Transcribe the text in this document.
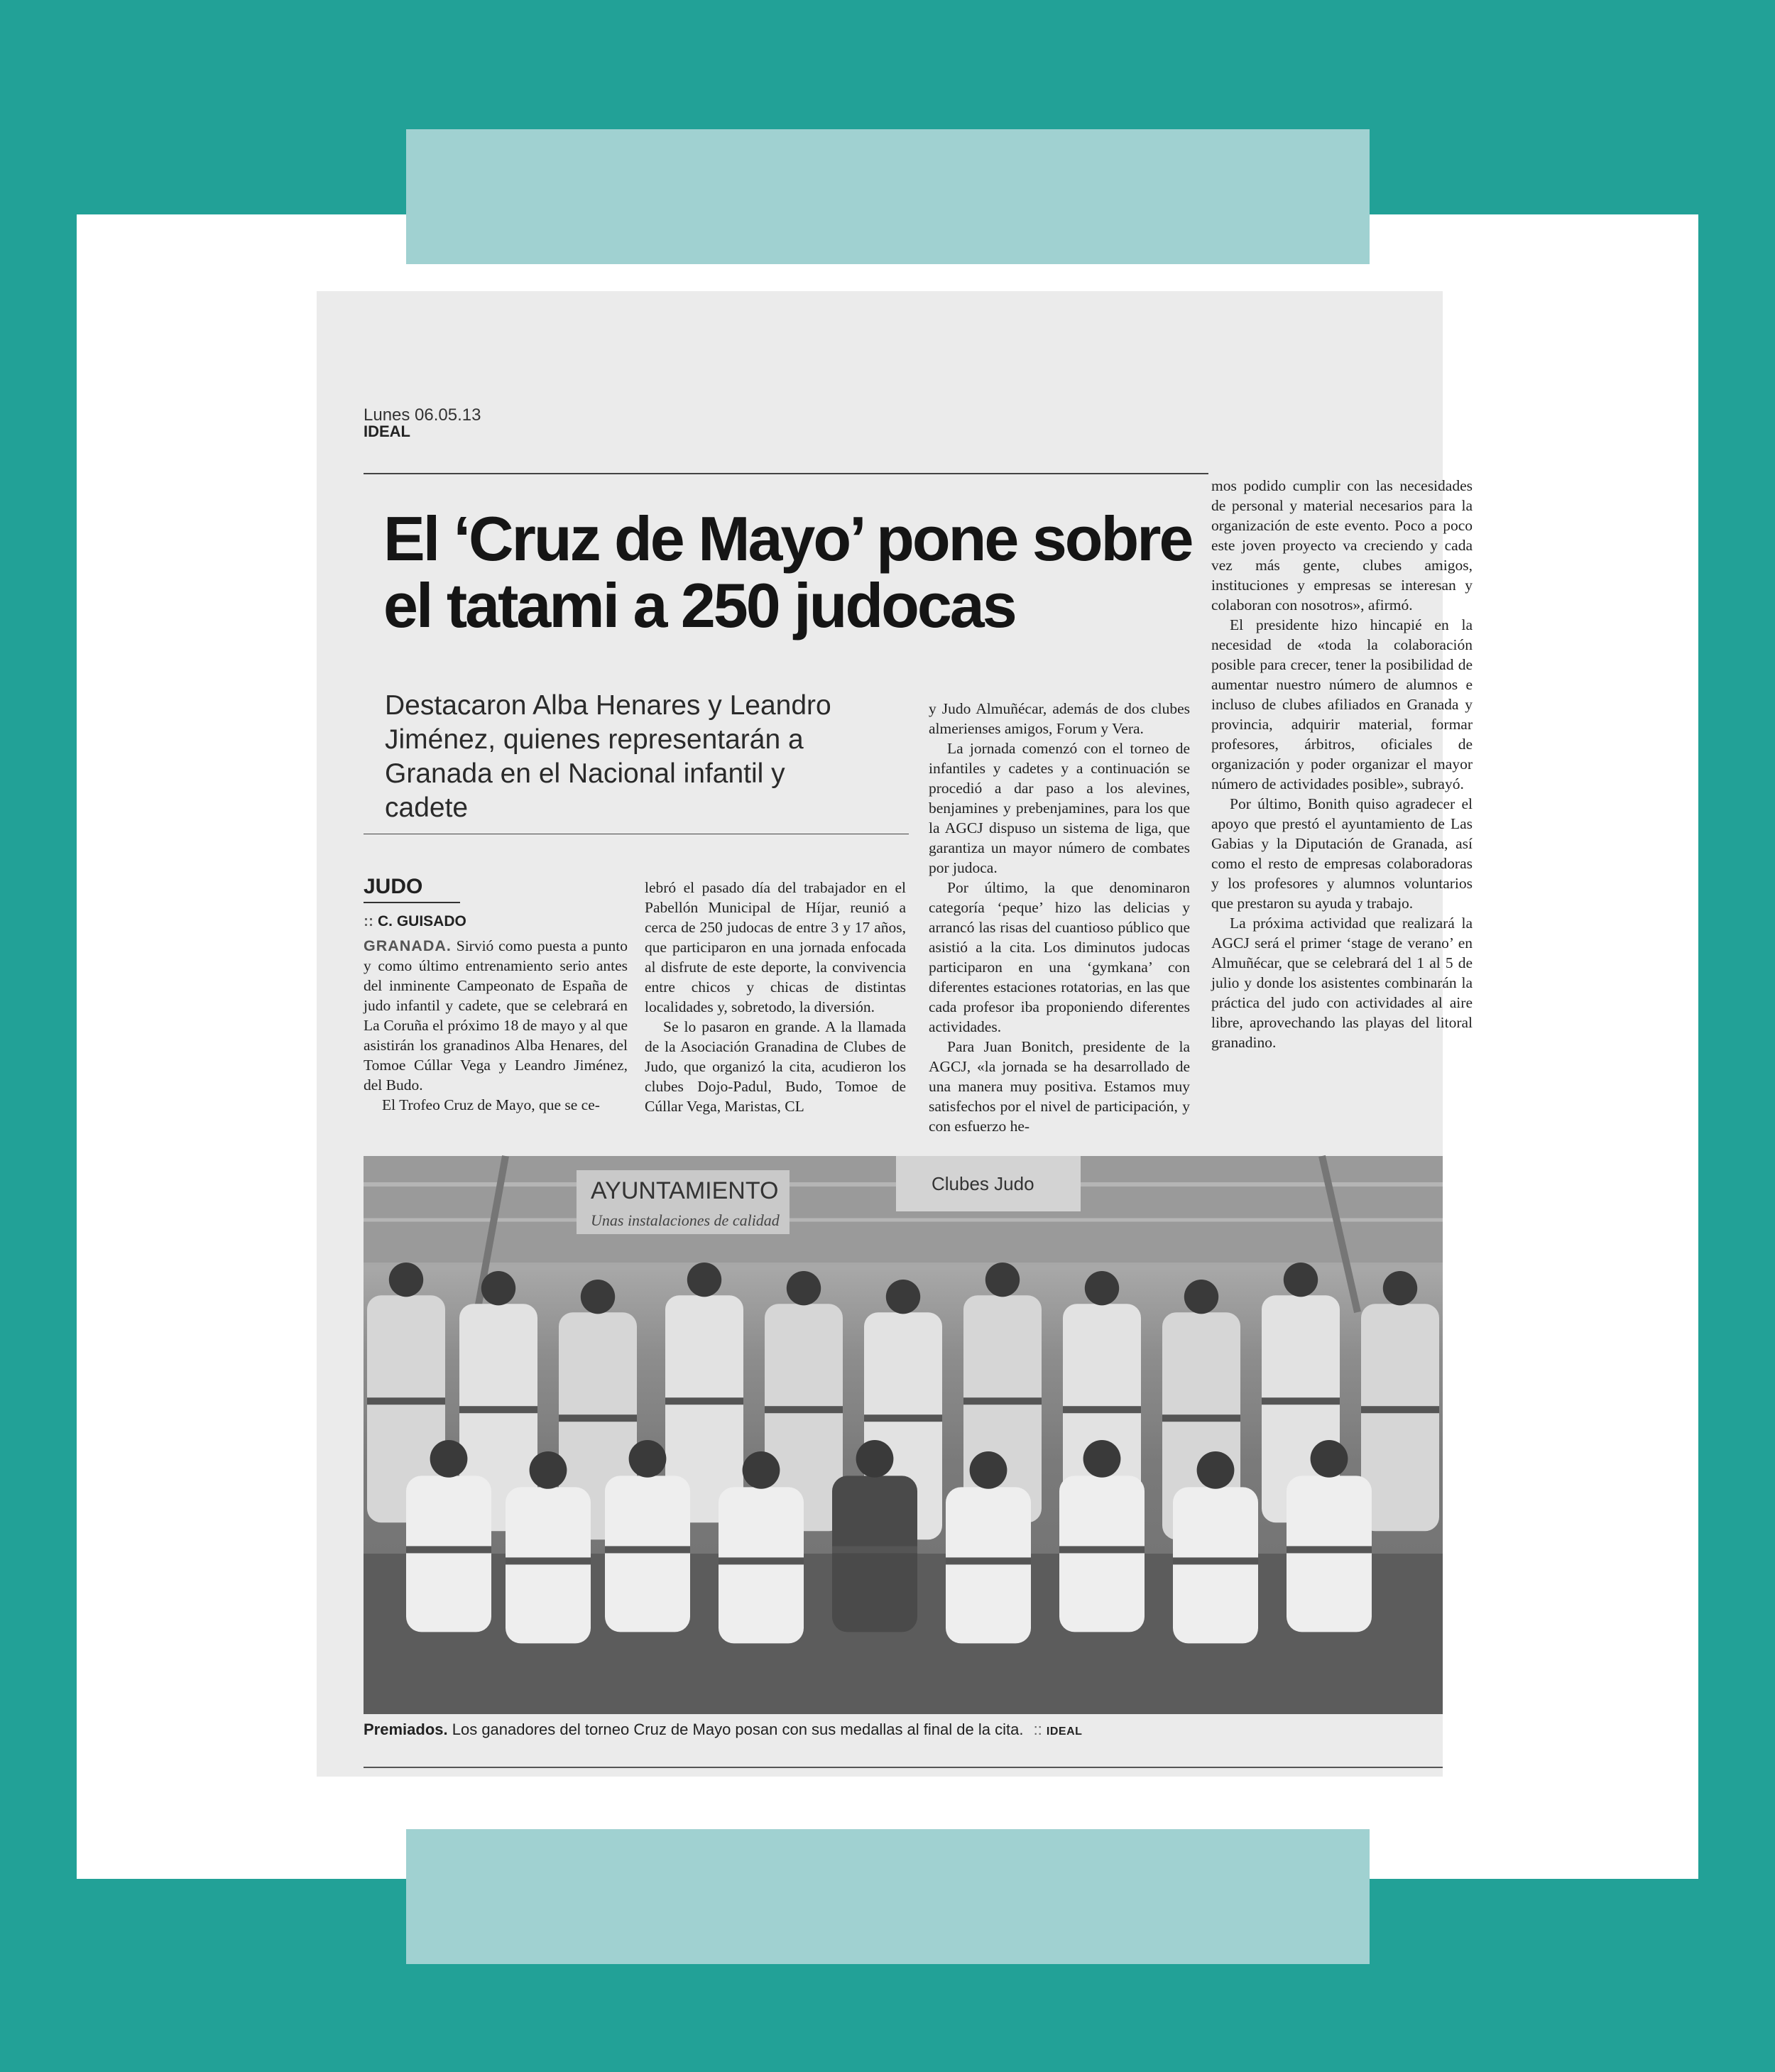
Lunes 06.05.13
IDEAL
El ‘Cruz de Mayo’ pone sobre el tatami a 250 judocas

Destacaron Alba Henares y Leandro Jiménez, quienes representarán a Granada en el Nacional infantil y cadete

JUDO
:: C. GUISADO

GRANADA. Sirvió como puesta a punto y como último entrenamiento serio antes del inminente Campeonato de España de judo infantil y cadete, que se celebrará en La Coruña el próximo 18 de mayo y al que asistirán los granadinos Alba Henares, del Tomoe Cúllar Vega y Leandro Jiménez, del Budo.

El Trofeo Cruz de Mayo, que se ce-

lebró el pasado día del trabajador en el Pabellón Municipal de Híjar, reunió a cerca de 250 judocas de entre 3 y 17 años, que participaron en una jornada enfocada al disfrute de este deporte, la convivencia entre chicos y chicas de distintas localidades y, sobretodo, la diversión.

Se lo pasaron en grande. A la llamada de la Asociación Granadina de Clubes de Judo, que organizó la cita, acudieron los clubes Dojo-Padul, Budo, Tomoe de Cúllar Vega, Maristas, CL

y Judo Almuñécar, además de dos clubes almerienses amigos, Forum y Vera.

La jornada comenzó con el torneo de infantiles y cadetes y a continuación se procedió a dar paso a los alevines, benjamines y prebenjamines, para los que la AGCJ dispuso un sistema de liga, que garantiza un mayor número de combates por judoca.

Por último, la que denominaron categoría ‘peque’ hizo las delicias y arrancó las risas del cuantioso público que asistió a la cita. Los diminutos judocas participaron en una ‘gymkana’ con diferentes estaciones rotatorias, en las que cada profesor iba proponiendo diferentes actividades.

Para Juan Bonitch, presidente de la AGCJ, «la jornada se ha desarrollado de una manera muy positiva. Estamos muy satisfechos por el nivel de participación, y con esfuerzo he-

mos podido cumplir con las necesidades de personal y material necesarios para la organización de este evento. Poco a poco este joven proyecto va creciendo y cada vez más gente, clubes amigos, instituciones y empresas se interesan y colaboran con nosotros», afirmó.

El presidente hizo hincapié en la necesidad de «toda la colaboración posible para crecer, tener la posibilidad de aumentar nuestro número de alumnos e incluso de clubes afiliados en Granada y provincia, adquirir material, formar profesores, árbitros, oficiales de organización y poder organizar el mayor número de actividades posible», subrayó.

Por último, Bonith quiso agradecer el apoyo que prestó el ayuntamiento de Las Gabias y la Diputación de Granada, así como el resto de empresas colaboradoras y los profesores y alumnos voluntarios que prestaron su ayuda y trabajo.

La próxima actividad que realizará la AGCJ será el primer ‘stage de verano’ en Almuñécar, que se celebrará del 1 al 5 de julio y donde los asistentes combinarán la práctica del judo con actividades al aire libre, aprovechando las playas del litoral granadino.

AYUNTAMIENTO
Unas instalaciones de calidad
Clubes Judo
Premiados. Los ganadores del torneo Cruz de Mayo posan con sus medallas al final de la cita. :: IDEAL
